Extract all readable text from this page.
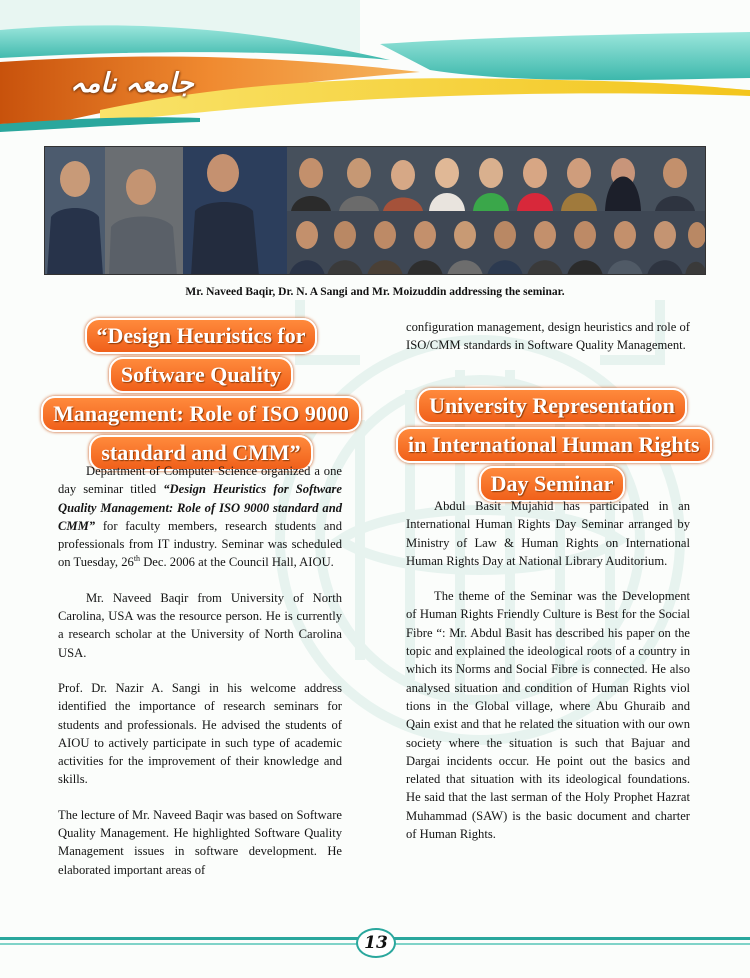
جامعہ نامہ
Mr. Naveed Baqir, Dr. N. A Sangi and Mr. Moizuddin addressing the seminar.
“Design Heuristics for
Software Quality
Management: Role of ISO 9000
standard and CMM”

Department of Computer Science organized a one day seminar titled “Design Heuristics for Software Quality Management: Role of ISO 9000 standard and CMM” for faculty members, research students and professionals from IT industry. Seminar was scheduled on Tuesday, 26th Dec. 2006 at the Council Hall, AIOU.

Mr. Naveed Baqir from University of North Carolina, USA was the resource person. He is currently a research scholar at the University of North Carolina USA.

Prof. Dr. Nazir A. Sangi in his welcome address identified the importance of research seminars for students and professionals. He advised the students of AIOU to actively participate in such type of academic activities for the improvement of their knowledge and skills.

The lecture of Mr. Naveed Baqir was based on Software Quality Management. He highlighted Software Quality Management issues in software development. He elaborated important areas of

configuration management, design heuristics and role of ISO/CMM standards in Software Quality Management.

University Representation
in International Human Rights
Day Seminar

Abdul Basit Mujahid has participated in an International Human Rights Day Seminar arranged by Ministry of Law & Human Rights on International Human Rights Day at National Library Auditorium.

The theme of the Seminar was the Development of Human Rights Friendly Culture is Best for the Social Fibre “: Mr. Abdul Basit has described his paper on the topic and explained the ideological roots of a country in which its Norms and Social Fibre is connected. He also analysed situation and condition of Human Rights viol tions in the Global village, where Abu Ghuraib and Qain exist and that he related the situation with our own society where the situation is such that Bajuar and Dargai incidents occur. He point out the basics and related that situation with its ideological foundations. He said that the last serman of the Holy Prophet Hazrat Muhammad (SAW) is the basic document and charter of Human Rights.

13
